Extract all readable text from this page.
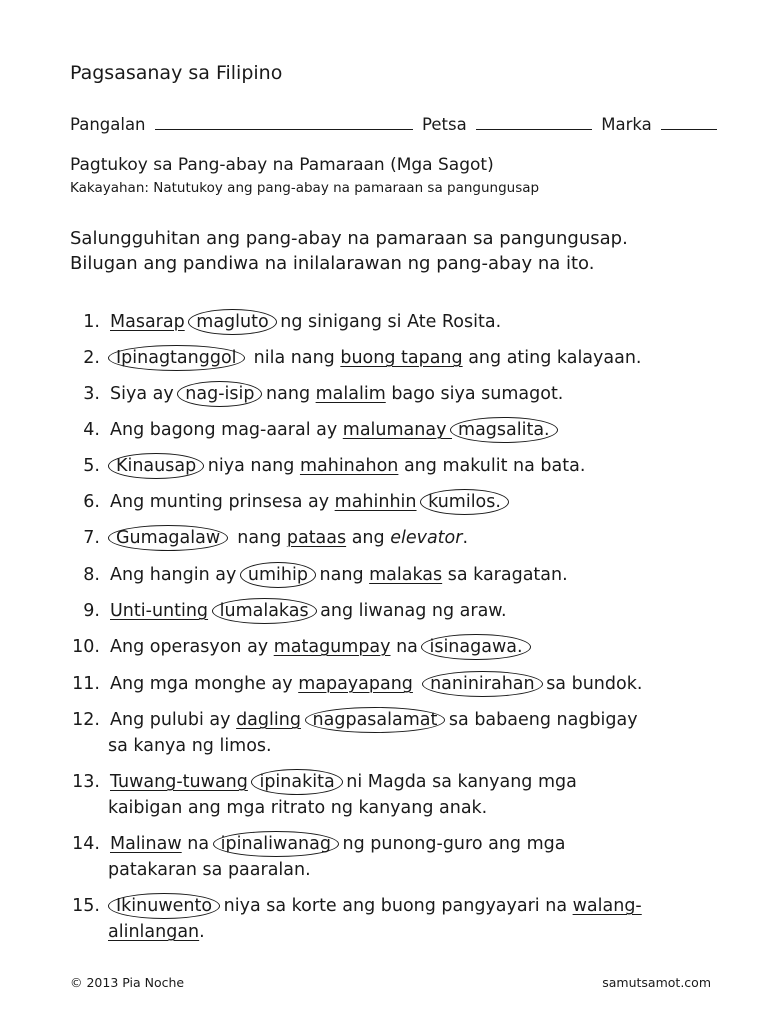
Pagsasanay sa Filipino
Pangalan	Petsa	Marka
Pagtukoy sa Pang-abay na Pamaraan (Mga Sagot)
Kakayahan: Natutukoy ang pang-abay na pamaraan sa pangungusap
Salungguhitan ang pang-abay na pamaraan sa pangungusap.
Bilugan ang pandiwa na inilalarawan ng pang-abay na ito.
1. Masarap magluto ng sinigang si Ate Rosita.
2. Ipinagtanggol  nila nang buong tapang ang ating kalayaan.
3. Siya ay nag-isip nang malalim bago siya sumagot.
4. Ang bagong mag-aaral ay malumanay magsalita.
5. Kinausap niya nang mahinahon ang makulit na bata.
6. Ang munting prinsesa ay mahinhin kumilos.
7. Gumagalaw  nang pataas ang elevator.
8. Ang hangin ay umihip nang malakas sa karagatan.
9. Unti-unting lumalakas ang liwanag ng araw.
10. Ang operasyon ay matagumpay na isinagawa.
11. Ang mga monghe ay mapayapang naninirahan sa bundok.
12. Ang pulubi ay dagling nagpasalamat sa babaeng nagbigay
sa kanya ng limos.
13. Tuwang-tuwang ipinakita ni Magda sa kanyang mga
kaibigan ang mga ritrato ng kanyang anak.
14. Malinaw na ipinaliwanag ng punong-guro ang mga
patakaran sa paaralan.
15. Ikinuwento niya sa korte ang buong pangyayari na walang-
alinlangan.
© 2013 Pia Noche	samutsamot.com
